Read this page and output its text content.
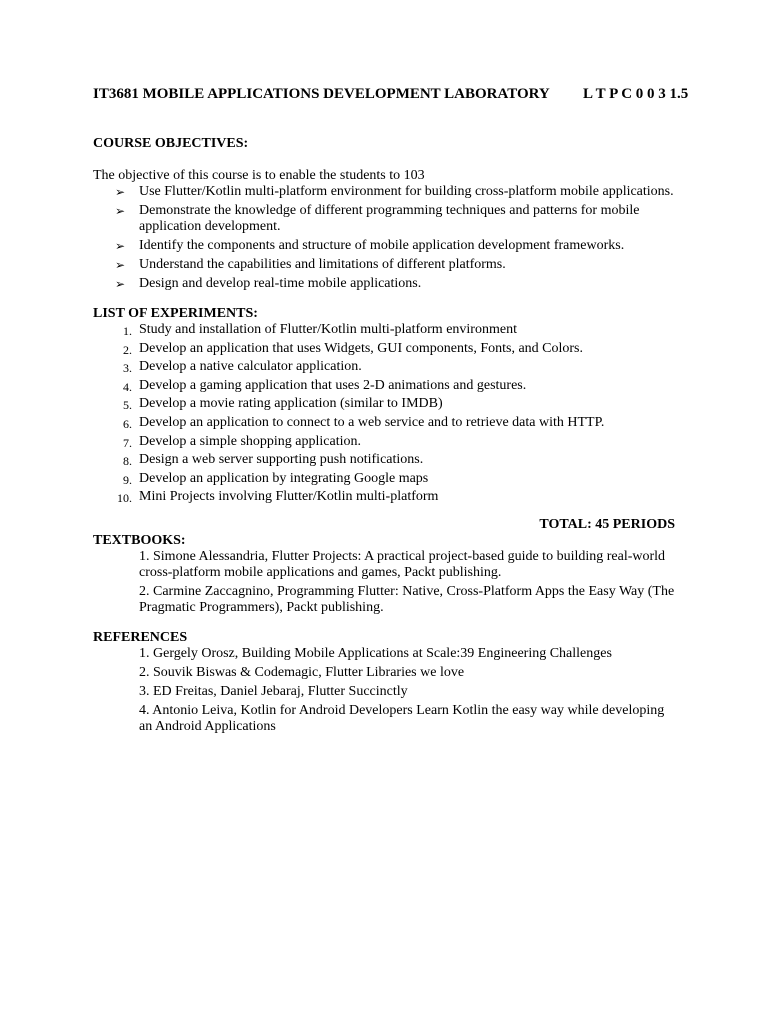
IT3681 MOBILE APPLICATIONS DEVELOPMENT LABORATORY L T P C 0 0 3 1.5
COURSE OBJECTIVES:
The objective of this course is to enable the students to 103
➢ Use Flutter/Kotlin multi-platform environment for building cross-platform mobile applications.
➢ Demonstrate the knowledge of different programming techniques and patterns for mobile application development.
➢ Identify the components and structure of mobile application development frameworks.
➢ Understand the capabilities and limitations of different platforms.
➢ Design and develop real-time mobile applications.
LIST OF EXPERIMENTS:
1. Study and installation of Flutter/Kotlin multi-platform environment
2. Develop an application that uses Widgets, GUI components, Fonts, and Colors.
3. Develop a native calculator application.
4. Develop a gaming application that uses 2-D animations and gestures.
5. Develop a movie rating application (similar to IMDB)
6. Develop an application to connect to a web service and to retrieve data with HTTP.
7. Develop a simple shopping application.
8. Design a web server supporting push notifications.
9. Develop an application by integrating Google maps
10. Mini Projects involving Flutter/Kotlin multi-platform
TOTAL: 45 PERIODS
TEXTBOOKS:
1. Simone Alessandria, Flutter Projects: A practical project-based guide to building real-world cross-platform mobile applications and games, Packt publishing.
2. Carmine Zaccagnino, Programming Flutter: Native, Cross-Platform Apps the Easy Way (The Pragmatic Programmers), Packt publishing.
REFERENCES
1. Gergely Orosz, Building Mobile Applications at Scale:39 Engineering Challenges
2. Souvik Biswas & Codemagic, Flutter Libraries we love
3. ED Freitas, Daniel Jebaraj, Flutter Succinctly
4. Antonio Leiva, Kotlin for Android Developers Learn Kotlin the easy way while developing an Android Applications
